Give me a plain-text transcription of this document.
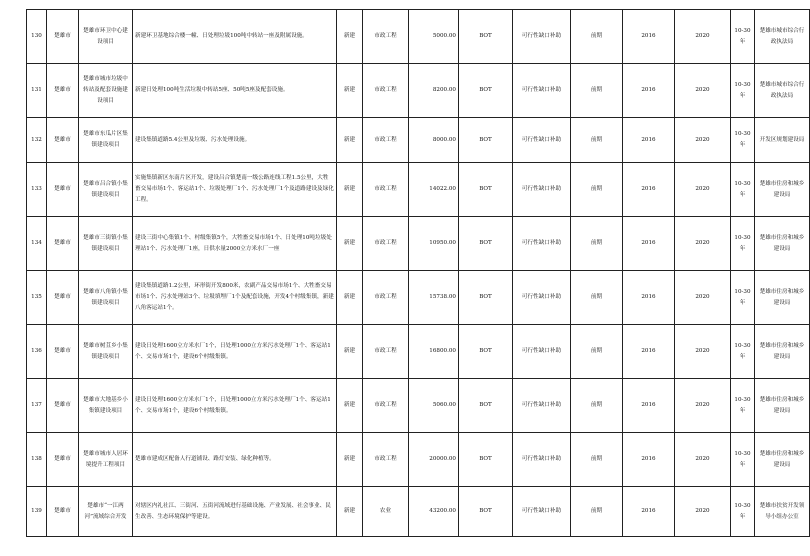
130	楚雄市	楚雄市环卫中心建设项目	新建环卫基地综合楼一幢、日处理垃圾100吨中转站一座及附属设施。	新建	市政工程	5000.00	BOT	可行性缺口补助	前期	2016	2020	10-30年	楚雄市城市综合行政执法局
131	楚雄市	楚雄市城市垃圾中转站及配套设施建设项目	新建日处理100吨生活垃圾中转站5座、50吨5座及配套设施。	新建	市政工程	8200.00	BOT	可行性缺口补助	前期	2016	2020	10-30年	楚雄市城市综合行政执法局
132	楚雄市	楚雄市东瓜片区集镇建设项目	建设集镇道路5.4公里及垃圾、污水处理设施。	新建	市政工程	8000.00	BOT	可行性缺口补助	前期	2016	2020	10-30年	开发区规划建设局
133	楚雄市	楚雄市吕合镇小集镇建设项目	实施集镇新区东南片区开发，建设吕合镇楚南一级公路连线工程1.5公里，大牲畜交易市场1个、客运站1个、垃圾处理厂1个、污水处理厂1个及道路建设及绿化工程。	新建	市政工程	14022.00	BOT	可行性缺口补助	前期	2016	2020	10-30年	楚雄市住房和城乡建设局
134	楚雄市	楚雄市三街镇小集镇建设项目	建设三街中心集镇1个、村级集镇5个，大牲畜交易市场1个、日处理10吨垃圾处理站1个、污水处理厂1座，日供水量2000立方米水厂一座	新建	市政工程	10950.00	BOT	可行性缺口补助	前期	2016	2020	10-30年	楚雄市住房和城乡建设局
135	楚雄市	楚雄市八角镇小集镇建设项目	建设集镇道路1.2公里，环形街开发800米，农副产品交易市场1个、大牲畜交易市场1个、污水处理站3个、垃圾填埋厂1个及配套设施，开发4个村级集镇，新建八角客运站1个。	新建	市政工程	15738.00	BOT	可行性缺口补助	前期	2016	2020	10-30年	楚雄市住房和城乡建设局
136	楚雄市	楚雄市树苴乡小集镇建设项目	建设日处理1600立方米水厂1个，日处理1000立方米污水处理厂1个、客运站1个、交易市场1个，建设6个村级集镇。	新建	市政工程	16800.00	BOT	可行性缺口补助	前期	2016	2020	10-30年	楚雄市住房和城乡建设局
137	楚雄市	楚雄市大地基乡小集镇建设项目	建设日处理1600立方米水厂1个，日处理1000立方米污水处理厂1个、客运站1个、交易市场1个，建设6个村级集镇。	新建	市政工程	5060.00	BOT	可行性缺口补助	前期	2016	2020	10-30年	楚雄市住房和城乡建设局
138	楚雄市	楚雄市城市人居环境提升工程项目	楚雄市建成区配备人行道铺设、路灯安装、绿化种植等。	新建	市政工程	20000.00	BOT	可行性缺口补助	前期	2016	2020	10-30年	楚雄市住房和城乡建设局
139	楚雄市	楚雄市“一江两河”流域综合开发	对辖区内礼社江、三街河、五街河流域进行基础设施、产业发展、社会事业、民生改善、生态环境保护等建设。	新建	农业	43200.00	BOT	可行性缺口补助	前期	2016	2020	10-30年	楚雄市扶贫开发领导小组办公室
